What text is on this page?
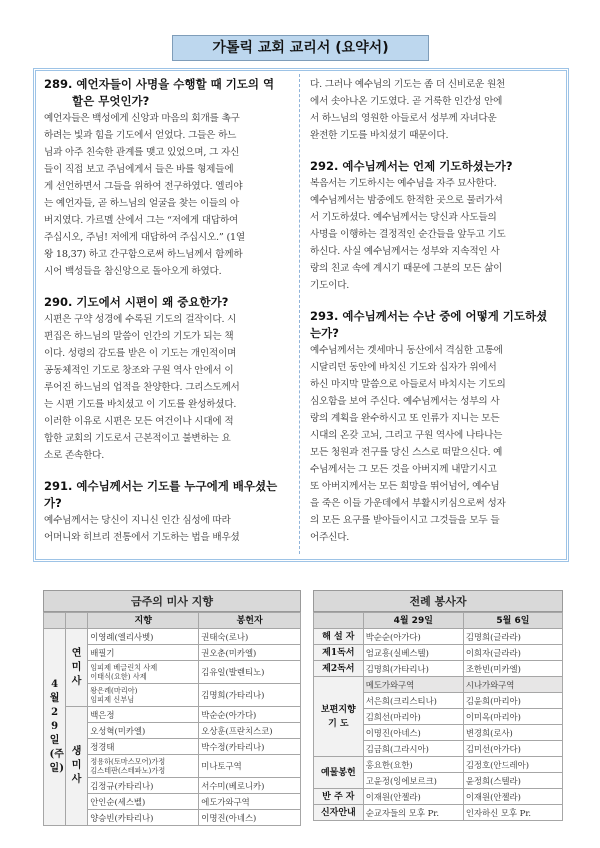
가톨릭 교회 교리서 (요약서)

289. 예언자들이 사명을 수행할 때 기도의 역

할은 무엇인가?

예언자들은 백성에게 신앙과 마음의 회개를 촉구

하려는 빛과 힘을 기도에서 얻었다. 그들은 하느

님과 아주 친숙한 관계를 맺고 있었으며, 그 자신

들이 직접 보고 주님에게서 들은 바를 형제들에

게 선언하면서 그들을 위하여 전구하였다. 엘리야

는 예언자들, 곧 하느님의 얼굴을 찾는 이들의 아

버지였다. 가르멜 산에서 그는 “저에게 대답하여

주십시오, 주님! 저에게 대답하여 주십시오.” (1열

왕 18,37) 하고 간구함으로써 하느님께서 함께하

시어 백성들을 참신앙으로 돌아오게 하였다.

290. 기도에서 시편이 왜 중요한가?

시편은 구약 성경에 수록된 기도의 걸작이다. 시

편집은 하느님의 말씀이 인간의 기도가 되는 책

이다. 성령의 감도를 받은 이 기도는 개인적이며

공동체적인 기도로 창조와 구원 역사 안에서 이

루어진 하느님의 업적을 찬양한다. 그리스도께서

는 시편 기도를 바치셨고 이 기도를 완성하셨다.

이러한 이유로 시편은 모든 여건이나 시대에 적

합한 교회의 기도로서 근본적이고 불변하는 요

소로 존속한다.

291. 예수님께서는 기도를 누구에게 배우셨는가?

예수님께서는 당신이 지니신 인간 심성에 따라

어머니와 히브리 전통에서 기도하는 법을 배우셨

다. 그러나 예수님의 기도는 좀 더 신비로운 원천

에서 솟아나온 기도였다. 곧 거룩한 인간성 안에

서 하느님의 영원한 아들로서 성부께 자녀다운

완전한 기도를 바치셨기 때문이다.

292. 예수님께서는 언제 기도하셨는가?

복음서는 기도하시는 예수님을 자주 묘사한다.

예수님께서는 밤중에도 한적한 곳으로 물러가셔

서 기도하셨다. 예수님께서는 당신과 사도들의

사명을 이행하는 결정적인 순간들을 앞두고 기도

하신다. 사실 예수님께서는 성부와 지속적인 사

랑의 친교 속에 계시기 때문에 그분의 모든 삶이

기도이다.

293. 예수님께서는 수난 중에 어떻게 기도하셨는가?

예수님께서는 겟세마니 동산에서 격심한 고통에

시달리던 동안에 바치신 기도와 십자가 위에서

하신 마지막 말씀으로 아들로서 바치시는 기도의

심오함을 보여 주신다. 예수님께서는 성부의 사

랑의 계획을 완수하시고 또 인류가 지니는 모든

시대의 온갖 고뇌, 그리고 구원 역사에 나타나는

모든 청원과 전구를 당신 스스로 떠맡으신다. 예

수님께서는 그 모든 것을 아버지께 내맡기시고

또 아버지께서는 모든 희망을 뛰어넘어, 예수님

을 죽은 이들 가운데에서 부활시키심으로써 성자

의 모든 요구를 받아들이시고 그것들을 모두 들

어주신다.

금주의 미사 지향
		지향	봉헌자

4월29일(주일)	연미사	이영례(엘리사벳)	권태숙(로나)
		배필기	권오춘(미카엘)

		임피제 베글린치 사제
이태식(요한) 사제	김유일(발렌티노)

		왕은례(마리아)
임피제 신부님	김명희(가타리나)

	생미사	백은정	박순순(아가다)
		오성혁(미카엘)	오상훈(프란치스코)
		정경태	박수정(카타리나)

		정용하(토마스모어)가정
김스테판(스테파노)가정	미나토구역
		김정규(카타리나)	서수미(베로니카)
		안인순(세스벨)	에도가와구역
		양승빈(카타리나)	이명진(아네스)
전례 봉사자
	4월 29일	5월 6일
해 설 자	박순순(아가다)	김명희(글라라)
제1독서	엄교흥(실베스텔)	이희자(글라라)
제2독서	김명희(가타리나)	조한빈(미카엘)
보편지향 기 도	메도가와구역	시나가와구역
	서은희(크리스티나)	김윤희(마리아)
	김희선(마리아)	이미옥(마리아)
	이명진(아네스)	변경희(로사)
	김금희(그라시아)	김미선(아가다)
예물봉헌	홍요한(요한)	김정호(안드레아)
	고윤정(잉에보르크)	윤정희(스텔라)
반 주 자	이재원(안젤라)	이재원(안젤라)
신자안내	순교자들의 모후 Pr.	인자하신 모후 Pr.
